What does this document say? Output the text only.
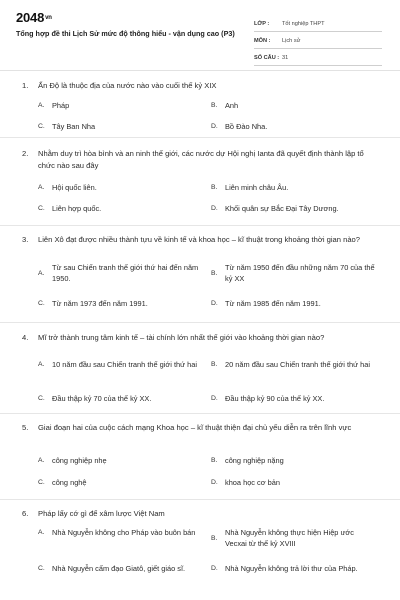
$2048^{vn}$
Tổng hợp đề thi Lịch Sử mức độ thông hiểu - vận dụng cao (P3)
LỚP :	Tốt nghiệp THPT
MÔN :	Lịch sử
SỐ CÂU : 31
1. Ấn Độ là thuộc địa của nước nào vào cuối thế kỷ XIX
A.	Pháp	B.	Anh
C. Tây Ban Nha	D. Bồ Đào Nha.
2. Nhằm duy trì hòa bình và an ninh thế giới, các nước dự Hội nghị Ianta đã quyết định thành lập tổ chức nào sau đây
A.	Hội quốc liên.	B.	Liên minh châu Âu.
C. Liên hợp quốc.	D. Khối quân sự Bắc Đại Tây Dương.
3. Liên Xô đạt được nhiều thành tựu về kinh tế và khoa học – kĩ thuật trong khoảng thời gian nào?
A.
Từ sau Chiến tranh thế giới thứ hai đến năm 1950.
B.
Từ năm 1950 đến đầu những năm 70 của thế kỷ XX
C. Từ năm 1973 đến năm 1991.	D. Từ năm 1985 đến năm 1991.
4. Mĩ trở thành trung tâm kinh tế – tài chính lớn nhất thế giới vào khoảng thời gian nào?
A.	10 năm đầu sau Chiến tranh thế giới thứ hai	B.	20 năm đầu sau Chiến tranh thế giới thứ hai
C. Đầu thập kỷ 70 của thế kỷ XX.	D. Đầu thập kỷ 90 của thế kỷ XX.
5. Giai đoạn hai của cuộc cách mạng Khoa học – kĩ thuật thiện đại chủ yếu diễn ra trên lĩnh vực
A.	công nghiệp nhẹ	B.	công nghiệp nặng
C. công nghệ	D. khoa học cơ bản
6. Pháp lấy cớ gì để xâm lược Việt Nam
A.	Nhà Nguyễn không cho Pháp vào buôn bán
B.
Nhà Nguyễn không thực hiện Hiệp ước Vecxai từ thế kỷ XVIII
C. Nhà Nguyễn cấm đạo Giatô, giết giáo sĩ.	D. Nhà Nguyễn không trả lời thư của Pháp.
